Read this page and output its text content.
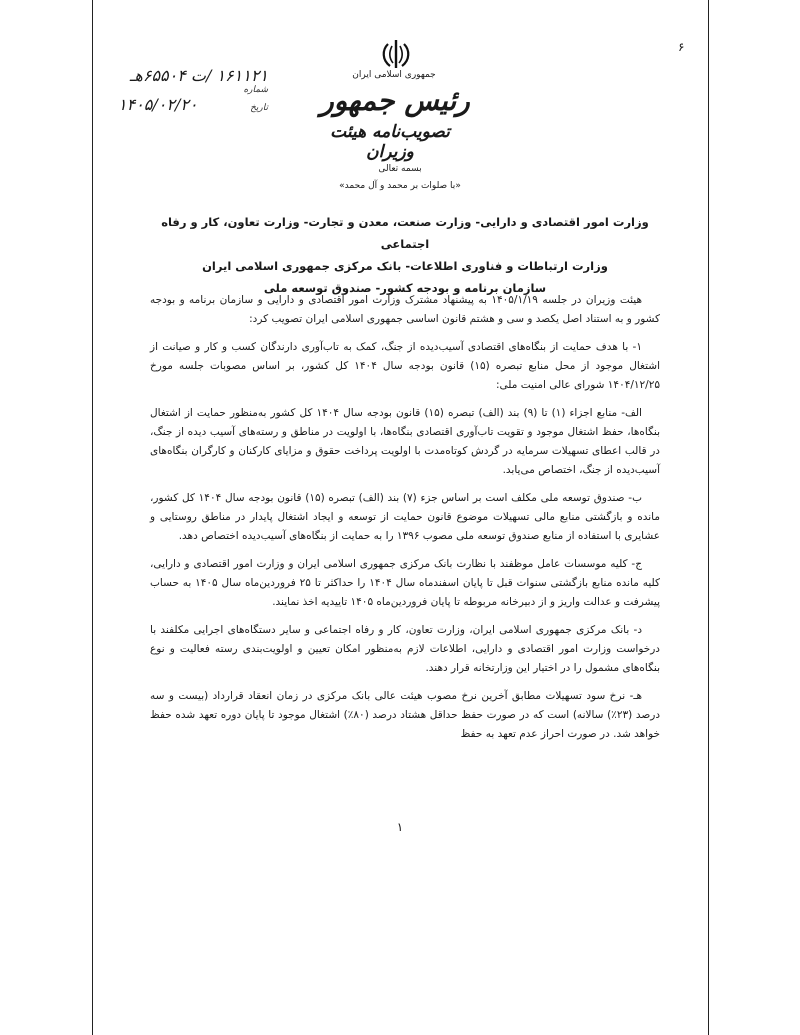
۶
۱۶۱۱۲۱ /ت ۶۵۵۰۴هـ
شماره
تاریخ
۱۴۰۵/۰۲/۲۰
جمهوری اسلامی ایران
رئیس جمهور
تصویب‌نامه هیئت وزیران
بسمه تعالی
«با صلوات بر محمد و آل محمد»
وزارت امور اقتصادی و دارایی- وزارت صنعت، معدن و تجارت- وزارت تعاون، کار و رفاه اجتماعی
وزارت ارتباطات و فناوری اطلاعات- بانک مرکزی جمهوری اسلامی ایران
سازمان برنامه و بودجه کشور- صندوق توسعه ملی

هیئت وزیران در جلسه ۱۴۰۵/۱/۱۹ به پیشنهاد مشترک وزارت امور اقتصادی و دارایی و سازمان برنامه و بودجه کشور و به استناد اصل یکصد و سی و هشتم قانون اساسی جمهوری اسلامی ایران تصویب کرد:

۱- با هدف حمایت از بنگاه‌های اقتصادی آسیب‌دیده از جنگ، کمک به تاب‌آوری دارندگان کسب و کار و صیانت از اشتغال موجود از محل منابع تبصره (۱۵) قانون بودجه سال ۱۴۰۴ کل کشور، بر اساس مصوبات جلسه مورخ ۱۴۰۴/۱۲/۲۵ شورای عالی امنیت ملی:

الف- منابع اجزاء (۱) تا (۹) بند (الف) تبصره (۱۵) قانون بودجه سال ۱۴۰۴ کل کشور به‌منظور حمایت از اشتغال بنگاه‌ها، حفظ اشتغال موجود و تقویت تاب‌آوری اقتصادی بنگاه‌ها، با اولویت در مناطق و رسته‌های آسیب دیده از جنگ، در قالب اعطای تسهیلات سرمایه در گردش کوتاه‌مدت با اولویت پرداخت حقوق و مزایای کارکنان و کارگران بنگاه‌های آسیب‌دیده از جنگ، اختصاص می‌یابد.

ب- صندوق توسعه ملی مکلف است بر اساس جزء (۷) بند (الف) تبصره (۱۵) قانون بودجه سال ۱۴۰۴ کل کشور، مانده و بازگشتی منابع مالی تسهیلات موضوع قانون حمایت از توسعه و ایجاد اشتغال پایدار در مناطق روستایی و عشایری با استفاده از منابع صندوق توسعه ملی مصوب ۱۳۹۶ را به حمایت از بنگاه‌های آسیب‌دیده اختصاص دهد.

ج- کلیه موسسات عامل موظفند با نظارت بانک مرکزی جمهوری اسلامی ایران و وزارت امور اقتصادی و دارایی، کلیه مانده منابع بازگشتی سنوات قبل تا پایان اسفندماه سال ۱۴۰۴ را حداکثر تا ۲۵ فروردین‌ماه سال ۱۴۰۵ به حساب پیشرفت و عدالت واریز و از دبیرخانه مربوطه تا پایان فروردین‌ماه ۱۴۰۵ تاییدیه اخذ نمایند.

د- بانک مرکزی جمهوری اسلامی ایران، وزارت تعاون، کار و رفاه اجتماعی و سایر دستگاه‌های اجرایی مکلفند با درخواست وزارت امور اقتصادی و دارایی، اطلاعات لازم به‌منظور امکان تعیین و اولویت‌بندی رسته فعالیت و نوع بنگاه‌های مشمول را در اختیار این وزارتخانه قرار دهند.

هـ- نرخ سود تسهیلات مطابق آخرین نرخ مصوب هیئت عالی بانک مرکزی در زمان انعقاد قرارداد (بیست و سه درصد (۲۳٪) سالانه) است که در صورت حفظ حداقل هشتاد درصد (۸۰٪) اشتغال موجود تا پایان دوره تعهد شده حفظ خواهد شد. در صورت احراز عدم تعهد به حفظ

۱
